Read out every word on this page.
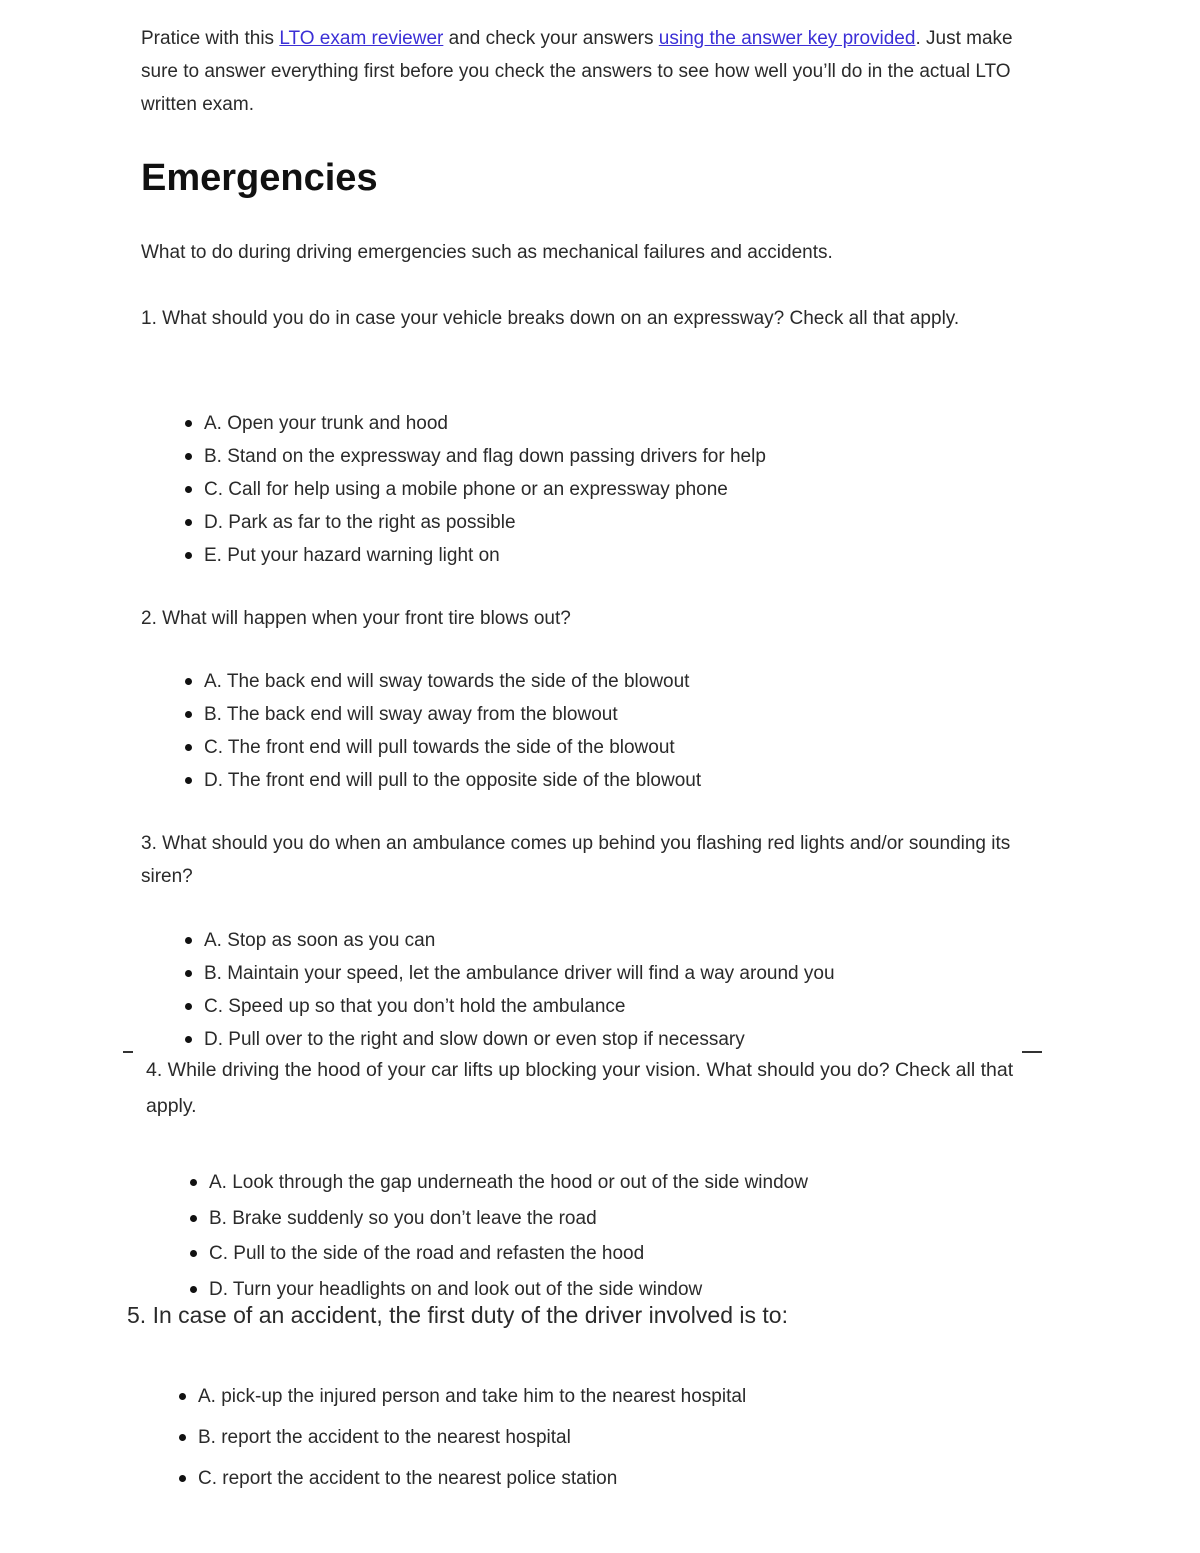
Pratice with this LTO exam reviewer and check your answers using the answer key provided. Just make sure to answer everything first before you check the answers to see how well you’ll do in the actual LTO written exam.
Emergencies

What to do during driving emergencies such as mechanical failures and accidents.

1. What should you do in case your vehicle breaks down on an expressway? Check all that apply.

A. Open your trunk and hood
B. Stand on the expressway and flag down passing drivers for help
C. Call for help using a mobile phone or an expressway phone
D. Park as far to the right as possible
E. Put your hazard warning light on

2. What will happen when your front tire blows out?

A. The back end will sway towards the side of the blowout
B. The back end will sway away from the blowout
C. The front end will pull towards the side of the blowout
D. The front end will pull to the opposite side of the blowout

3. What should you do when an ambulance comes up behind you flashing red lights and/or sounding its siren?

A. Stop as soon as you can
B. Maintain your speed, let the ambulance driver will find a way around you
C. Speed up so that you don’t hold the ambulance
D. Pull over to the right and slow down or even stop if necessary

4. While driving the hood of your car lifts up blocking your vision. What should you do? Check all that apply.

A. Look through the gap underneath the hood or out of the side window
B. Brake suddenly so you don’t leave the road
C. Pull to the side of the road and refasten the hood
D. Turn your headlights on and look out of the side window

5. In case of an accident, the first duty of the driver involved is to:

A. pick-up the injured person and take him to the nearest hospital
B. report the accident to the nearest hospital
C. report the accident to the nearest police station
